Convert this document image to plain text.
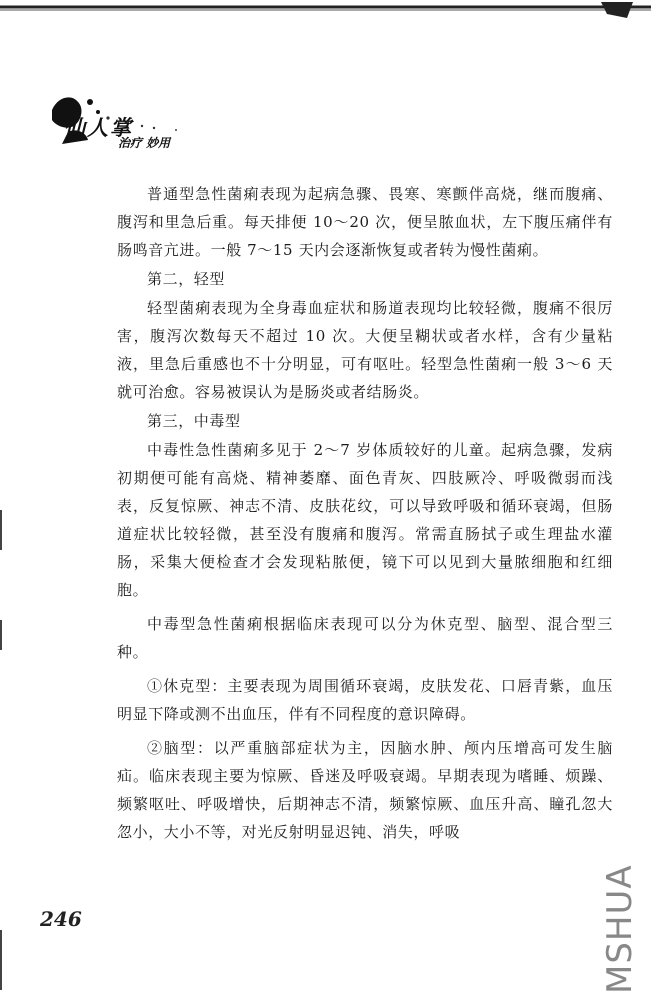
仙人掌
治疗 妙用

普通型急性菌痢表现为起病急骤、畏寒、寒颤伴高烧，继而腹痛、腹泻和里急后重。每天排便 10～20 次，便呈脓血状，左下腹压痛伴有肠鸣音亢进。一般 7～15 天内会逐渐恢复或者转为慢性菌痢。

第二，轻型

轻型菌痢表现为全身毒血症状和肠道表现均比较轻微，腹痛不很厉害，腹泻次数每天不超过 10 次。大便呈糊状或者水样，含有少量粘液，里急后重感也不十分明显，可有呕吐。轻型急性菌痢一般 3～6 天就可治愈。容易被误认为是肠炎或者结肠炎。

第三，中毒型

中毒性急性菌痢多见于 2～7 岁体质较好的儿童。起病急骤，发病初期便可能有高烧、精神萎靡、面色青灰、四肢厥冷、呼吸微弱而浅表，反复惊厥、神志不清、皮肤花纹，可以导致呼吸和循环衰竭，但肠道症状比较轻微，甚至没有腹痛和腹泻。常需直肠拭子或生理盐水灌肠，采集大便检查才会发现粘脓便，镜下可以见到大量脓细胞和红细胞。

中毒型急性菌痢根据临床表现可以分为休克型、脑型、混合型三种。

①休克型：主要表现为周围循环衰竭，皮肤发花、口唇青紫，血压明显下降或测不出血压，伴有不同程度的意识障碍。

②脑型：以严重脑部症状为主，因脑水肿、颅内压增高可发生脑疝。临床表现主要为惊厥、昏迷及呼吸衰竭。早期表现为嗜睡、烦躁、频繁呕吐、呼吸增快，后期神志不清，频繁惊厥、血压升高、瞳孔忽大忽小，大小不等，对光反射明显迟钝、消失，呼吸

246	MSHUA
